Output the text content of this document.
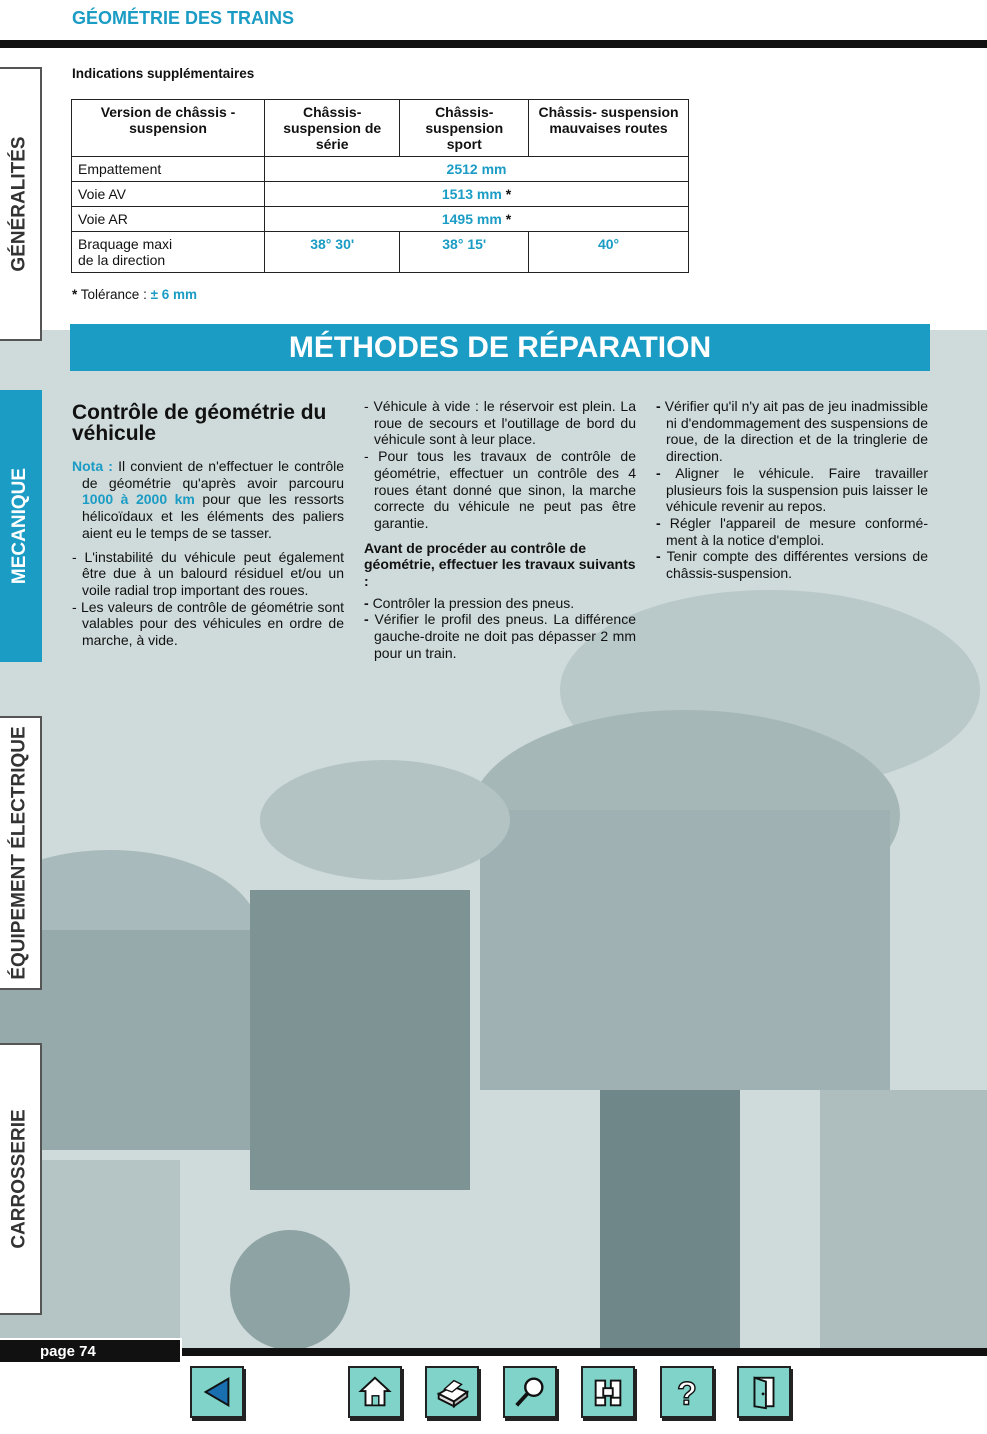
GÉOMÉTRIE DES TRAINS
GÉNÉRALITÉS
MECANIQUE
ÉQUIPEMENT ÉLECTRIQUE
CARROSSERIE
Indications supplémentaires
Version de châssis - suspension	Châssis- suspension de série	Châssis- suspension sport	Châssis- suspension mauvaises routes
Empattement	2512 mm		
Voie AV	1513 mm *		
Voie AR	1495 mm *		
Braquage maxi
de la direction	38° 30'	38° 15'	40°
* Tolérance : ± 6 mm
MÉTHODES DE RÉPARATION
Contrôle de géométrie du véhicule

Nota : Il convient de n'effectuer le contrôle de géométrie qu'après avoir parcouru 1000 à 2000 km pour que les ressorts hélicoïdaux et les éléments des paliers aient eu le temps de se tasser.

- L'instabilité du véhicule peut également être due à un balourd résiduel et/ou un voile radial trop important des roues.

- Les valeurs de contrôle de géométrie sont valables pour des véhicules en ordre de marche, à vide.

- Véhicule à vide : le réservoir est plein. La roue de secours et l'outillage de bord du véhicule sont à leur place.

- Pour tous les travaux de contrôle de géométrie, effectuer un contrôle des 4 roues étant donné que sinon, la marche correcte du véhicule ne peut pas être garantie.

Avant de procéder au contrôle de géométrie, effectuer les travaux suivants :

- Contrôler la pression des pneus.

- Vérifier le profil des pneus. La différence gauche-droite ne doit pas dépasser 2 mm pour un train.

- Vérifier qu'il n'y ait pas de jeu inadmissible ni d'endommagement des suspensions de roue, de la direction et de la tringlerie de direction.

- Aligner le véhicule. Faire travailler plusieurs fois la suspension puis laisser le véhicule revenir au repos.

- Régler l'appareil de mesure conformé-ment à la notice d'emploi.

- Tenir compte des différentes versions de châssis-suspension.

page 74
?
